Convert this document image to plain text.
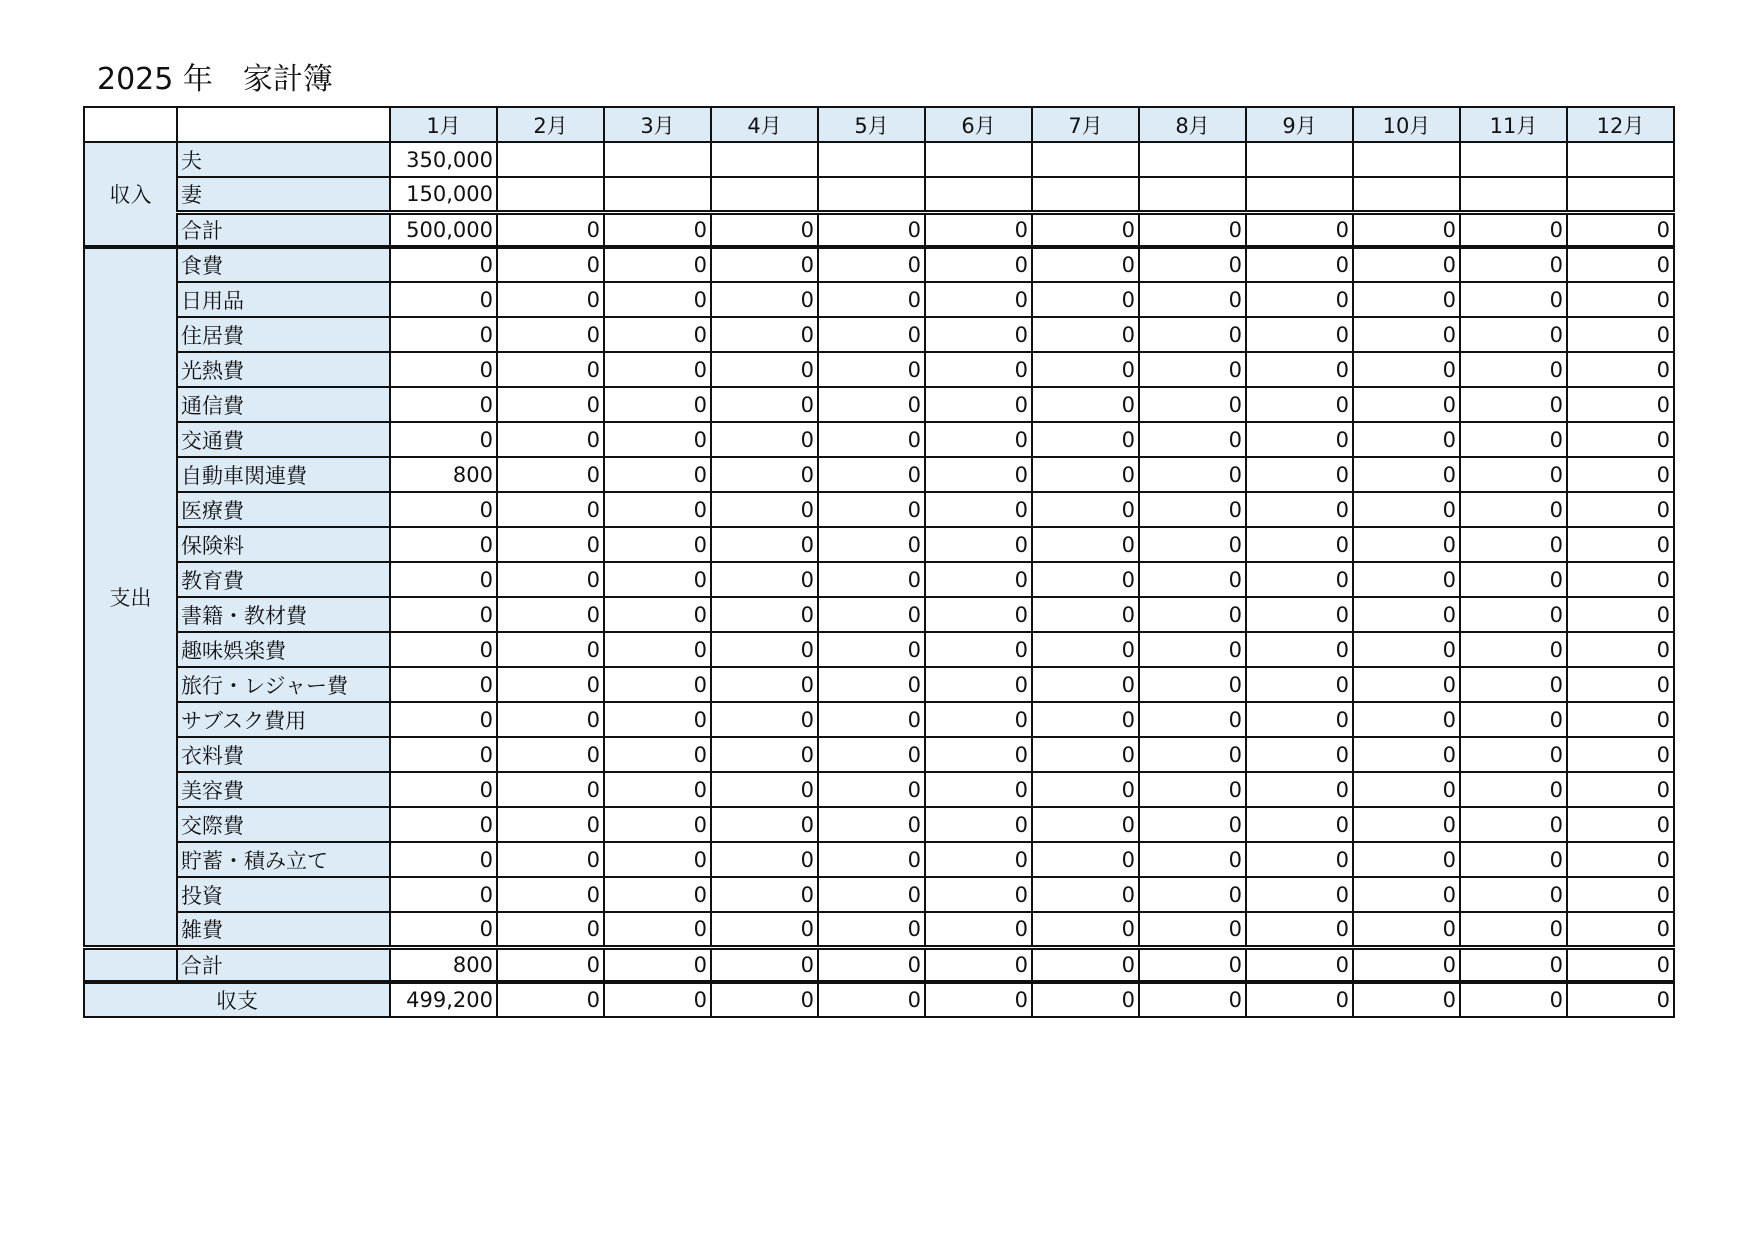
2025 年　家計簿
		1月	2月	3月	4月	5月	6月	7月	8月	9月	10月	11月	12月
収入	夫	350,000											
	妻	150,000											
	合計	500,000	0	0	0	0	0	0	0	0	0	0	0
支出	食費	0	0	0	0	0	0	0	0	0	0	0	0
	日用品	0	0	0	0	0	0	0	0	0	0	0	0
	住居費	0	0	0	0	0	0	0	0	0	0	0	0
	光熱費	0	0	0	0	0	0	0	0	0	0	0	0
	通信費	0	0	0	0	0	0	0	0	0	0	0	0
	交通費	0	0	0	0	0	0	0	0	0	0	0	0
	自動車関連費	800	0	0	0	0	0	0	0	0	0	0	0
	医療費	0	0	0	0	0	0	0	0	0	0	0	0
	保険料	0	0	0	0	0	0	0	0	0	0	0	0
	教育費	0	0	0	0	0	0	0	0	0	0	0	0
	書籍・教材費	0	0	0	0	0	0	0	0	0	0	0	0
	趣味娯楽費	0	0	0	0	0	0	0	0	0	0	0	0
	旅行・レジャー費	0	0	0	0	0	0	0	0	0	0	0	0
	サブスク費用	0	0	0	0	0	0	0	0	0	0	0	0
	衣料費	0	0	0	0	0	0	0	0	0	0	0	0
	美容費	0	0	0	0	0	0	0	0	0	0	0	0
	交際費	0	0	0	0	0	0	0	0	0	0	0	0
	貯蓄・積み立て	0	0	0	0	0	0	0	0	0	0	0	0
	投資	0	0	0	0	0	0	0	0	0	0	0	0
	雑費	0	0	0	0	0	0	0	0	0	0	0	0
	合計	800	0	0	0	0	0	0	0	0	0	0	0
収支		499,200	0	0	0	0	0	0	0	0	0	0	0
